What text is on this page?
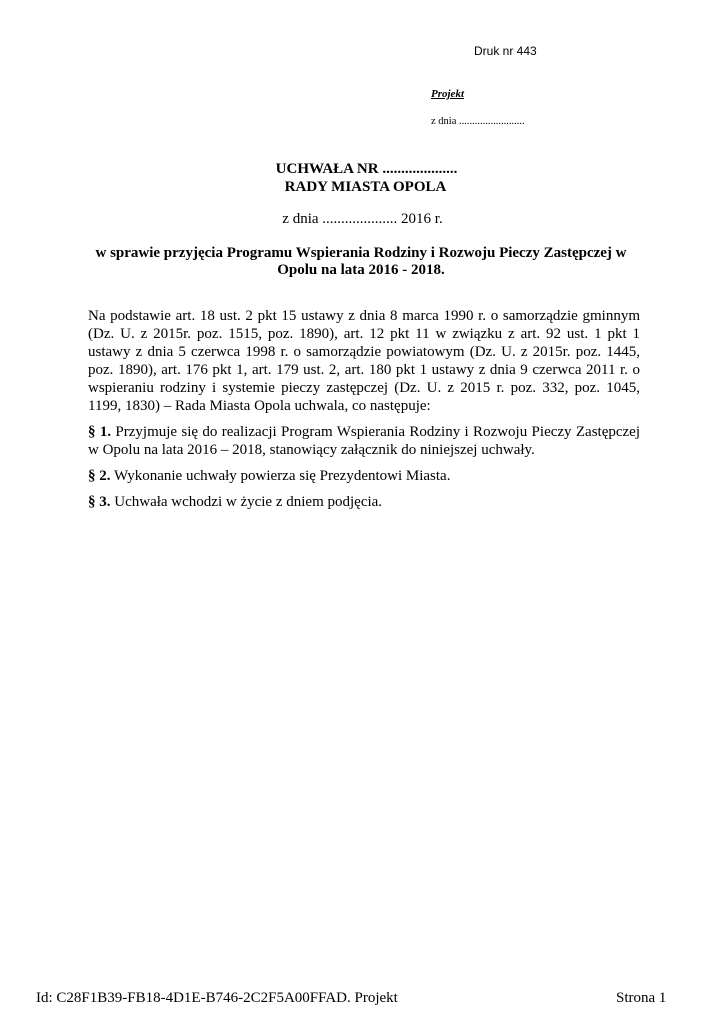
Druk nr 443
Projekt
z dnia .........................
UCHWAŁA NR ....................
RADY MIASTA OPOLA
z dnia .................... 2016 r.
w sprawie przyjęcia Programu Wspierania Rodziny i Rozwoju Pieczy Zastępczej w
Opolu na lata 2016 - 2018.

Na podstawie art. 18 ust. 2 pkt 15 ustawy z dnia 8 marca 1990 r. o samorządzie gminnym (Dz. U. z 2015r. poz. 1515, poz. 1890), art. 12 pkt 11 w związku z art. 92 ust. 1 pkt 1 ustawy z dnia 5 czerwca 1998 r. o samorządzie powiatowym (Dz. U. z 2015r. poz. 1445, poz. 1890), art. 176 pkt 1, art. 179 ust. 2, art. 180 pkt 1 ustawy z dnia 9 czerwca 2011 r. o wspieraniu rodziny i systemie pieczy zastępczej (Dz. U. z 2015 r. poz. 332, poz. 1045, 1199, 1830) – Rada Miasta Opola uchwala, co następuje:

§ 1. Przyjmuje się do realizacji Program Wspierania Rodziny i Rozwoju Pieczy Zastępczej w Opolu na lata 2016 – 2018, stanowiący załącznik do niniejszej uchwały.

§ 2. Wykonanie uchwały powierza się Prezydentowi Miasta.

§ 3. Uchwała wchodzi w życie z dniem podjęcia.

Id: C28F1B39-FB18-4D1E-B746-2C2F5A00FFAD. Projekt	Strona 1
